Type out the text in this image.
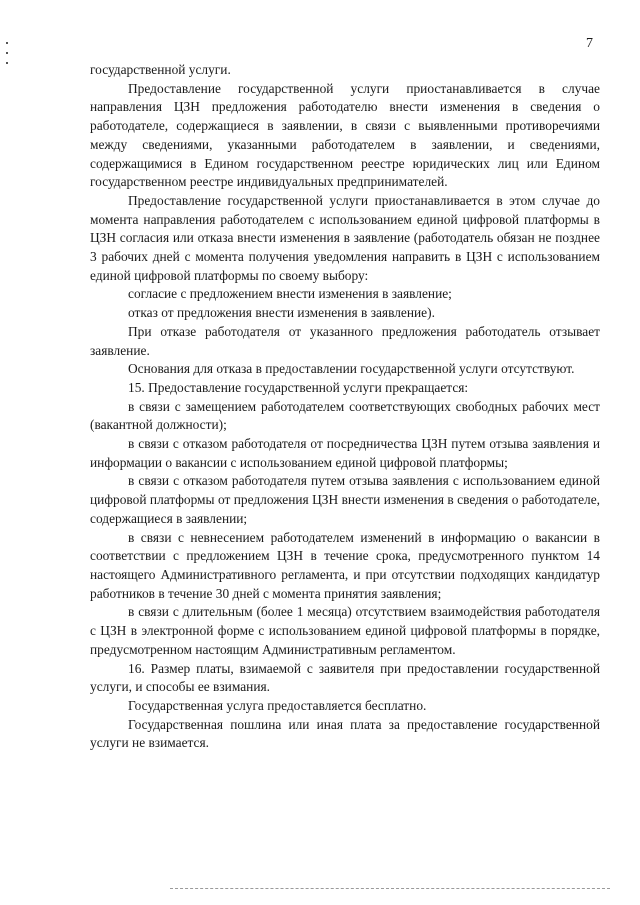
7

государственной услуги.

Предоставление государственной услуги приостанавливается в случае направления ЦЗН предложения работодателю внести изменения в сведения о работодателе, содержащиеся в заявлении, в связи с выявленными противоречиями между сведениями, указанными работодателем в заявлении, и сведениями, содержащимися в Едином государственном реестре юридических лиц или Едином государственном реестре индивидуальных предпринимателей.

Предоставление государственной услуги приостанавливается в этом случае до момента направления работодателем с использованием единой цифровой платформы в ЦЗН согласия или отказа внести изменения в заявление (работодатель обязан не позднее 3 рабочих дней с момента получения уведомления направить в ЦЗН с использованием единой цифровой платформы по своему выбору:

согласие с предложением внести изменения в заявление;

отказ от предложения внести изменения в заявление).

При отказе работодателя от указанного предложения работодатель отзывает заявление.

Основания для отказа в предоставлении государственной услуги отсутствуют.

15. Предоставление государственной услуги прекращается:

в связи с замещением работодателем соответствующих свободных рабочих мест (вакантной должности);

в связи с отказом работодателя от посредничества ЦЗН путем отзыва заявления и информации о вакансии с использованием единой цифровой платформы;

в связи с отказом работодателя путем отзыва заявления с использованием единой цифровой платформы от предложения ЦЗН внести изменения в сведения о работодателе, содержащиеся в заявлении;

в связи с невнесением работодателем изменений в информацию о вакансии в соответствии с предложением ЦЗН в течение срока, предусмотренного пунктом 14 настоящего Административного регламента, и при отсутствии подходящих кандидатур работников в течение 30 дней с момента принятия заявления;

в связи с длительным (более 1 месяца) отсутствием взаимодействия работодателя с ЦЗН в электронной форме с использованием единой цифровой платформы в порядке, предусмотренном настоящим Административным регламентом.

16. Размер платы, взимаемой с заявителя при предоставлении государственной услуги, и способы ее взимания.

Государственная услуга предоставляется бесплатно.

Государственная пошлина или иная плата за предоставление государственной услуги не взимается.
